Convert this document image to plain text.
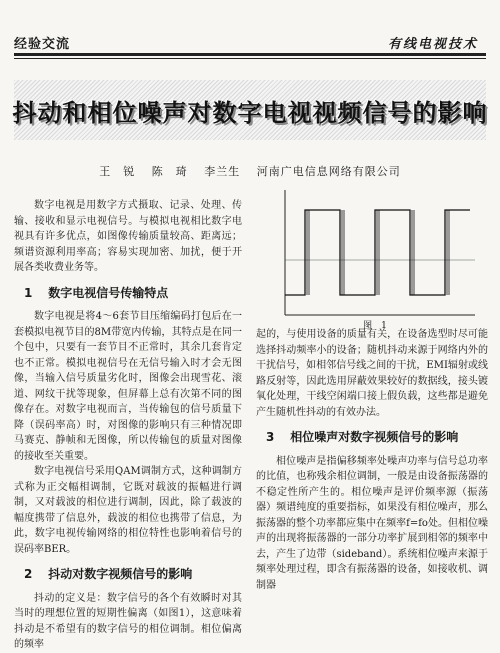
经验交流	有线电视技术
抖动和相位噪声对数字电视视频信号的影响
王　锐 陈　琦 李兰生 河南广电信息网络有限公司

数字电视是用数字方式摄取、记录、处理、传输、接收和显示电视信号。与模拟电视相比数字电视具有许多优点，如图像传输质量较高、距离远；频谱资源利用率高；容易实现加密、加扰，便于开展各类收费业务等。

1 数字电视信号传输特点

数字电视是将4～6套节目压缩编码打包后在一套模拟电视节目的8M带宽内传输，其特点是在同一个包中，只要有一套节目不正常时，其余几套肯定也不正常。模拟电视信号在无信号输入时才会无图像，当输入信号质量劣化时，图像会出现雪花、滚道、网纹干扰等现象，但屏幕上总有次第不同的图像存在。对数字电视而言，当传输包的信号质量下降（误码率高）时，对图像的影响只有三种情况即马赛克、静帧和无图像，所以传输包的质量对图像的接收至关重要。

数字电视信号采用QAM调制方式，这种调制方式称为正交幅相调制，它既对载波的振幅进行调制，又对载波的相位进行调制，因此，除了载波的幅度携带了信息外，载波的相位也携带了信息，为此，数字电视传输网络的相位特性也影响着信号的误码率BER。

2 抖动对数字视频信号的影响

抖动的定义是：数字信号的各个有效瞬时对其当时的理想位置的短期性偏离（如图1），这意味着抖动是不希望有的数字信号的相位调制。相位偏离的频率

图　1

起的，与使用设备的质量有关，在设备选型时尽可能选择抖动频率小的设备；随机抖动来源于网络内外的干扰信号，如相邻信号线之间的干扰，EMI辐射或线路反射等，因此选用屏蔽效果较好的数据线，接头镀氧化处理，干线空闲端口接上假负载，这些都是避免产生随机性抖动的有效办法。

3 相位噪声对数字视频信号的影响

相位噪声是指偏移频率处噪声功率与信号总功率的比值，也称残余相位调制，一般是由设备振荡器的不稳定性所产生的。相位噪声是评价频率源（振荡器）频谱纯度的重要指标，如果没有相位噪声，那么振荡器的整个功率都应集中在频率f=fo处。但相位噪声的出现将振荡器的一部分功率扩展到相邻的频率中去，产生了边带（sideband）。系统相位噪声来源于频率处理过程，即含有振荡器的设备，如接收机、调制器
